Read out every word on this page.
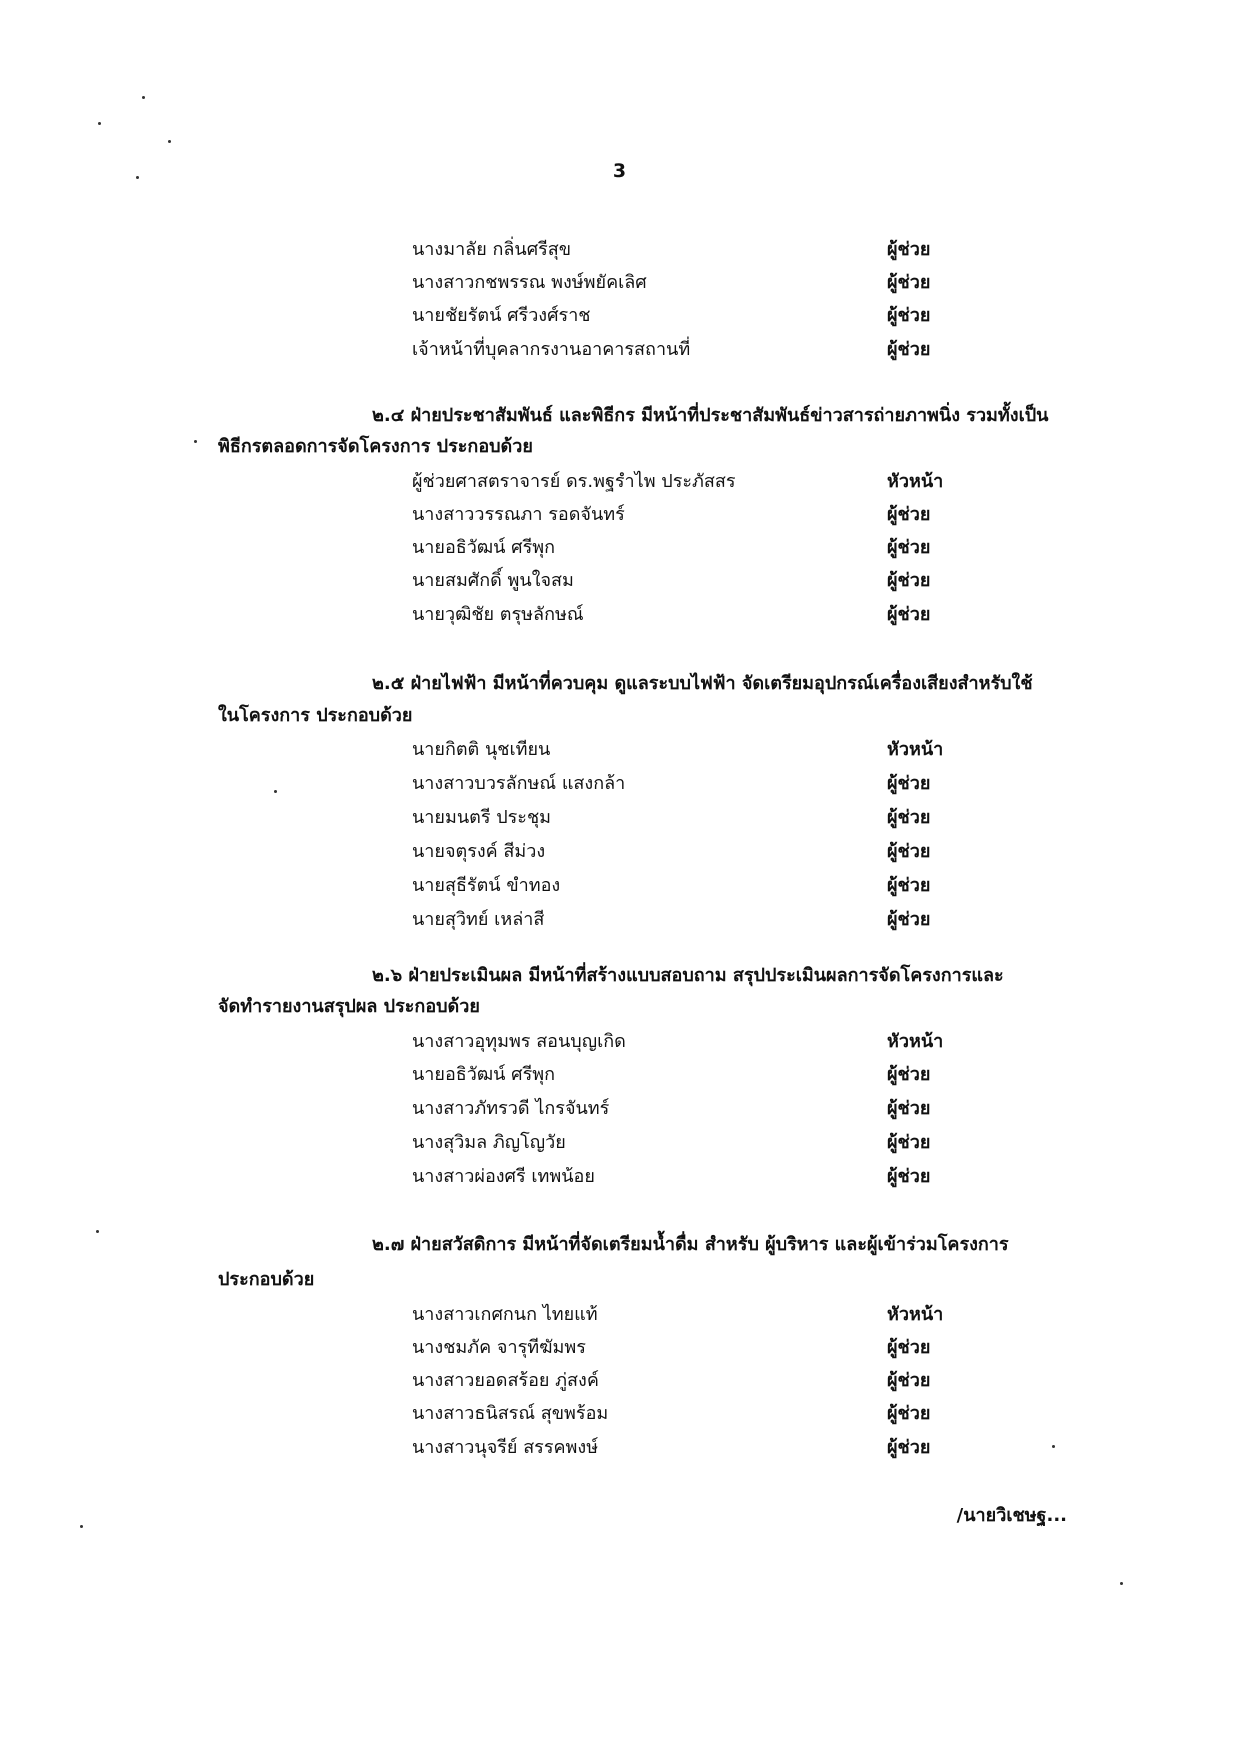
3
นางมาลัย กลิ่นศรีสุข	ผู้ช่วย
นางสาวกชพรรณ พงษ์พยัคเลิศ	ผู้ช่วย
นายชัยรัตน์ ศรีวงศ์ราช	ผู้ช่วย
เจ้าหน้าที่บุคลากรงานอาคารสถานที่	ผู้ช่วย
๒.๔ ฝ่ายประชาสัมพันธ์ และพิธีกร มีหน้าที่ประชาสัมพันธ์ข่าวสารถ่ายภาพนิ่ง รวมทั้งเป็น
พิธีกรตลอดการจัดโครงการ ประกอบด้วย
ผู้ช่วยศาสตราจารย์ ดร.พฐรำไพ ประภัสสร	หัวหน้า
นางสาววรรณภา รอดจันทร์	ผู้ช่วย
นายอธิวัฒน์ ศรีพุก	ผู้ช่วย
นายสมศักดิ์ พูนใจสม	ผู้ช่วย
นายวุฒิชัย ตรุษลักษณ์	ผู้ช่วย
๒.๕ ฝ่ายไฟฟ้า มีหน้าที่ควบคุม ดูแลระบบไฟฟ้า จัดเตรียมอุปกรณ์เครื่องเสียงสำหรับใช้
ในโครงการ ประกอบด้วย
นายกิตติ นุชเทียน	หัวหน้า
นางสาวบวรลักษณ์ แสงกล้า	ผู้ช่วย
นายมนตรี ประชุม	ผู้ช่วย
นายจตุรงค์ สีม่วง	ผู้ช่วย
นายสุธีรัตน์ ขำทอง	ผู้ช่วย
นายสุวิทย์ เหล่าสี	ผู้ช่วย
๒.๖ ฝ่ายประเมินผล มีหน้าที่สร้างแบบสอบถาม สรุปประเมินผลการจัดโครงการและ
จัดทำรายงานสรุปผล ประกอบด้วย
นางสาวอุทุมพร สอนบุญเกิด	หัวหน้า
นายอธิวัฒน์ ศรีพุก	ผู้ช่วย
นางสาวภัทรวดี ไกรจันทร์	ผู้ช่วย
นางสุวิมล ภิญโญวัย	ผู้ช่วย
นางสาวผ่องศรี เทพน้อย	ผู้ช่วย
๒.๗ ฝ่ายสวัสดิการ มีหน้าที่จัดเตรียมน้ำดื่ม สำหรับ ผู้บริหาร และผู้เข้าร่วมโครงการ
ประกอบด้วย
นางสาวเกศกนก ไทยแท้	หัวหน้า
นางชมภัค จารุทีฆัมพร	ผู้ช่วย
นางสาวยอดสร้อย ภู่สงค์	ผู้ช่วย
นางสาวธนิสรณ์ สุขพร้อม	ผู้ช่วย
นางสาวนุจรีย์ สรรคพงษ์	ผู้ช่วย
/นายวิเชษฐ...
